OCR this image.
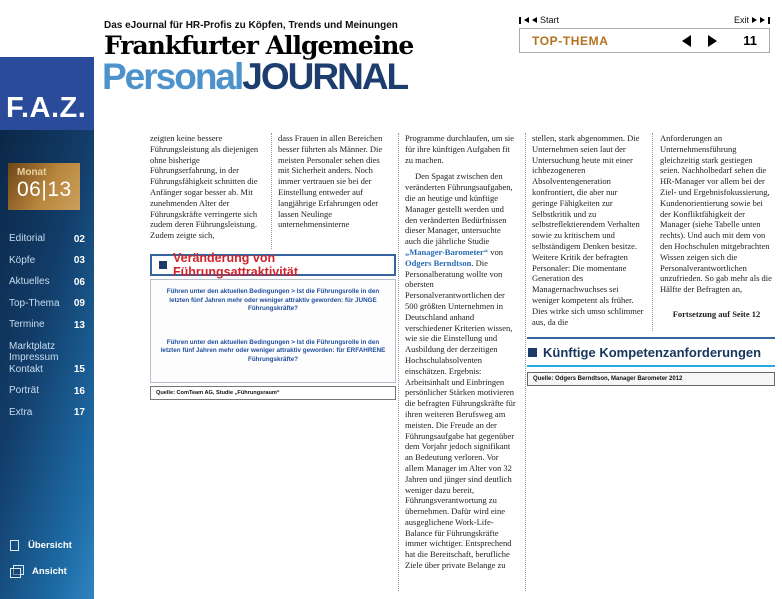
Das eJournal für HR-Profis zu Köpfen, Trends und Meinungen
Frankfurter Allgemeine
PersonalJOURNAL
F.A.Z.
Start	Exit
TOP-THEMA	11
Monat
06|13
Editorial	02
Köpfe	03
Aktuelles 06
Top-Thema 09
Termine	13
Marktplatz
Impressum
Kontakt	15
Porträt	16
Extra	17
Übersicht
Ansicht

zeigten keine bessere Führungsleistung als diejenigen ohne bisherige Führungserfahrung, in der Führungsfähigkeit schnitten die Anfänger sogar besser ab. Mit zunehmenden Alter der Führungskräfte verringerte sich zudem deren Führungsleistung. Zudem zeigte sich,

dass Frauen in allen Bereichen besser führten als Männer. Die meisten Personaler sehen dies mit Sicherheit anders. Noch immer vertrauen sie bei der Einstellung entweder auf langjährige Erfahrungen oder lassen Neulinge unternehmensinterne

Programme durchlaufen, um sie für ihre künftigen Aufgaben fit zu machen.

Den Spagat zwischen den veränderten Führungsaufgaben, die an heutige und künftige Manager gestellt werden und den veränderten Bedürfnissen dieser Manager, untersuchte auch die jährliche Studie „Manager-Barometer“ von Odgers Berndtson. Die Personalberatung wollte von obersten Personalverantwortlichen der 500 größten Unternehmen in Deutschland anhand verschiedener Kriterien wissen, wie sie die Einstellung und Ausbildung der derzeitigen Hochschulabsolventen einschätzen. Ergebnis: Arbeitsinhalt und Einbringen persönlicher Stärken motivieren die befragten Führungskräfte für ihren weiteren Berufsweg am meisten. Die Freude an der Führungsaufgabe hat gegenüber dem Vorjahr jedoch signifikant an Bedeutung verloren. Vor allem Manager im Alter von 32 Jahren und jünger sind deutlich weniger dazu bereit, Führungsverantwortung zu übernehmen. Dafür wird eine ausgeglichene Work-Life-Balance für Führungskräfte immer wichtiger. Entsprechend hat die Bereitschaft, berufliche Ziele über private Belange zu

stellen, stark abgenommen. Die Unternehmen seien laut der Untersuchung heute mit einer ichbezogeneren Absolventengeneration konfrontiert, die aber nur geringe Fähigkeiten zur Selbstkritik und zu selbstreflektierendem Verhalten sowie zu kritischem und selbständigem Denken besitze. Weitere Kritik der befragten Personaler: Die momentane Generation des Managernachwuchses sei weniger kompetent als früher. Dies wirke sich umso schlimmer aus, da die

Anforderungen an Unternehmensführung gleichzeitig stark gestiegen seien. Nachholbedarf sehen die HR-Manager vor allem bei der Ziel- und Ergebnisfokussierung, Kundenorientierung sowie bei der Konfliktfähigkeit der Manager (siehe Tabelle unten rechts). Und auch mit dem von den Hochschulen mitgebrachten Wissen zeigen sich die Personalverantwortlichen unzufrieden. So gab mehr als die Hälfte der Befragten an,

Fortsetzung auf Seite 12
Veränderung von Führungsattraktivität
Führen unter den aktuellen Bedingungen > Ist die Führungsrolle in den letzten fünf Jahren mehr oder weniger attraktiv geworden: für JUNGE Führungskräfte?
Führen unter den aktuellen Bedingungen > Ist die Führungsrolle in den letzten fünf Jahren mehr oder weniger attraktiv geworden: für ERFAHRENE Führungskräfte?
Quelle: ComTeam AG, Studie „Führungsraum“
Künftige Kompetenzanforderungen
Quelle: Odgers Berndtson, Manager Barometer 2012
